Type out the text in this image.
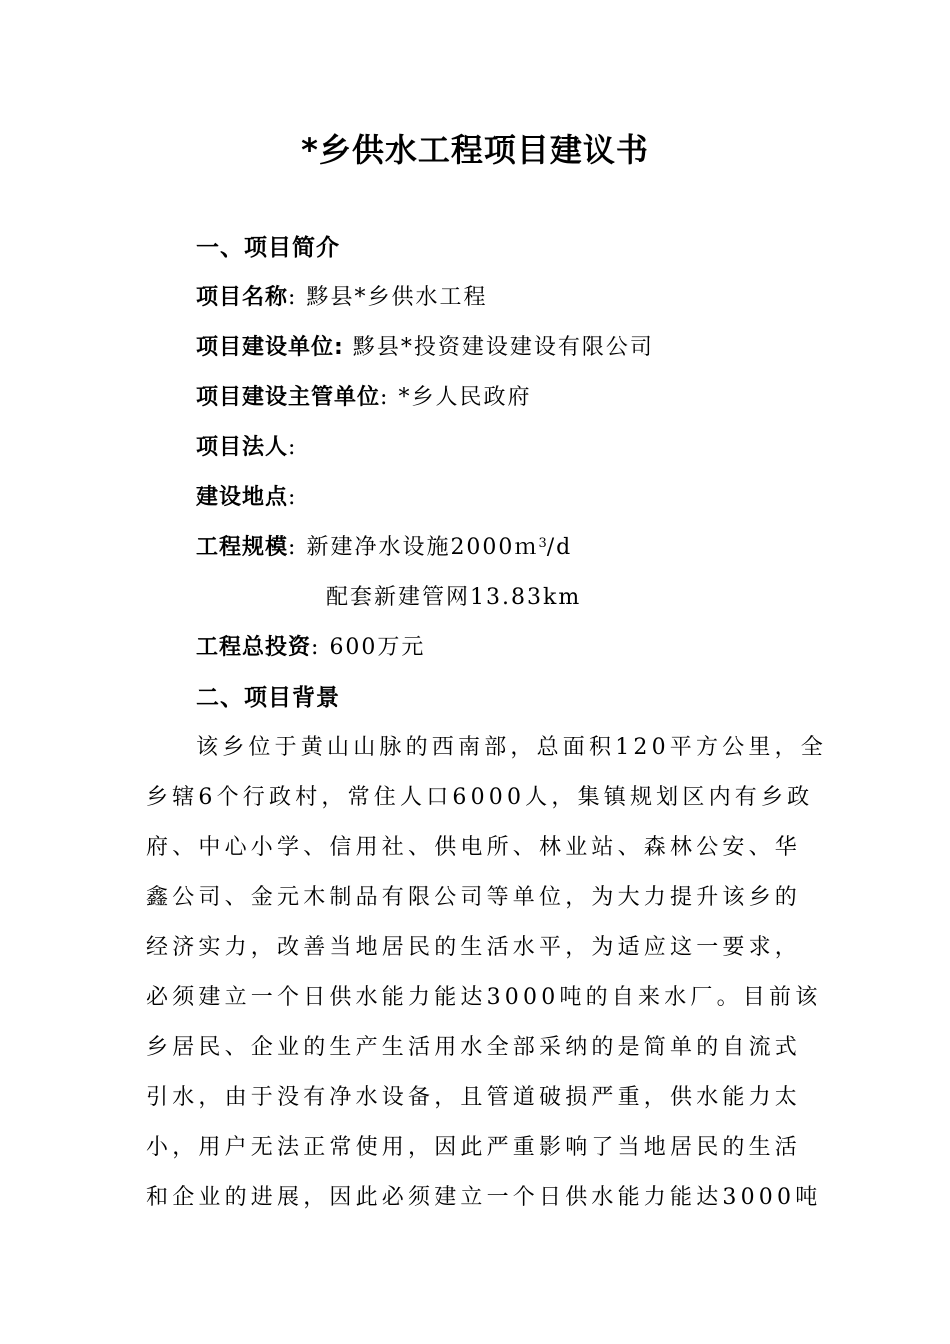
*乡供水工程项目建议书
一、项目简介
项目名称: 黟县*乡供水工程
项目建设单位: 黟县*投资建设建设有限公司
项目建设主管单位: *乡人民政府
项目法人:
建设地点:
工程规模: 新建净水设施2000ｍ$^3$/d
配套新建管网13.83km
工程总投资: 600万元
二、项目背景
该乡位于黄山山脉的西南部，总面积120平方公里，全
乡辖6个行政村，常住人口6000人，集镇规划区内有乡政
府、中心小学、信用社、供电所、林业站、森林公安、华
鑫公司、金元木制品有限公司等单位，为大力提升该乡的
经济实力，改善当地居民的生活水平，为适应这一要求，
必须建立一个日供水能力能达3000吨的自来水厂。目前该
乡居民、企业的生产生活用水全部采纳的是简单的自流式
引水，由于没有净水设备，且管道破损严重，供水能力太
小，用户无法正常使用，因此严重影响了当地居民的生活
和企业的进展，因此必须建立一个日供水能力能达3000吨
